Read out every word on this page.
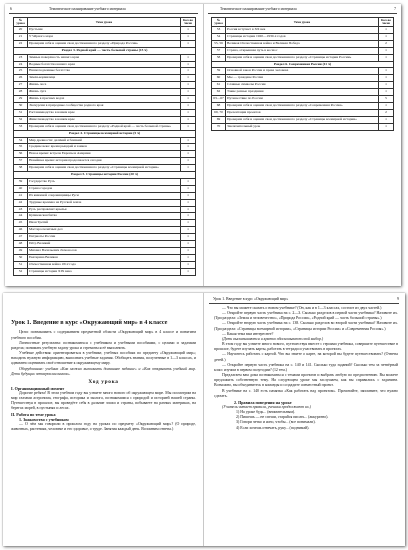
6	Тематическое планирование учебного материала	Тематическое планирование учебного материала	7
№ урока	Тема урока	Кол-во часов
20	Пустыни	1
21	У Чёрного моря	1
22	Проверим себя и оценим свои достижения по разделу «Природа России»	1
Раздел 3. Родной край — часть большой страны (15 ч)		
23	Земные поверхность нашего края	1
24	Водные богатства нашего края	1
25	Наши подземные богатства	1
26	Земля-кормилица	1
27	Жизнь леса	1
28	Жизнь луга	1
29	Жизнь в пресных водах	1
30	Экскурсии в природные сообщества родного края	1
31	Растениеводство в нашем крае	1
32	Животноводство в нашем крае	1
33	Проверим себя и оценим свои достижения по разделу «Родной край — часть большой страны»	1
Раздел 4. Страницы всемирной истории (5 ч)		
34	Мир древности: далёкий и близкий	1
35	Средние века: время рыцарей и замков	1
36	Новое время: встреча Европы и Америки	1
37	Новейшее время: история продолжается сегодня	1
38	Проверим себя и оценим свои достижения по разделу «Страницы всемирной истории»	1
Раздел 5. Страницы истории России (20 ч)		
39	Государство Русь	1
40	Страна городов	1
41	Из книжной сокровищницы Руси	1
42	Трудные времена на Русской земле	1
43	Русь расправляет крылья	1
44	Куликовская битва	1
45	Иван Третий	1
46	Мастера печатных дел	1
47	Патриоты России	1
48	Пётр Великий	1
49	Михаил Васильевич Ломоносов	1
50	Екатерина Великая	1
51	Отечественная война 1812 года	1
52	Страницы истории XIX века	1
№ урока	Тема урока	Кол-во часов
53	Россия вступает в XX век	1
54	Страницы истории 1920—1930-х годов	1
55, 56	Великая Отечественная война и Великая Победа	2
57	Страна, открывшая путь в космос	1
58	Проверим себя и оценим свои достижения по разделу «Страницы истории России»	1
Раздел 6. Современная Россия (11 ч)		
59	Основной закон России и права человека	1
60	Мы — граждане России	1
61	Славные символы России	1
62	Такие разные праздники	1
63—67	Путешествие по России	5
68	Проверим себя и оценим свои достижения по разделу «Современная Россия»	1
69, 70	Презентация проектов	2
69	Проверим себя и оценим свои достижения по разделу «Страницы всемирной истории»	1
70	Заключительный урок	1

Урок 1. Введение в курс «Окружающий мир» в 4 классе

Цели: познакомить с содержанием предметной области «Окружающий мир» в 4 классе и понятием учебного пособия.

Личностные результаты: познакомиться с учебником и учебными пособиями, с целями и задачами раздела; понимать учебную задачу урока и стремиться её выполнить.

Учебные действия: ориентироваться в учебнике, учебных пособиях по предмету «Окружающий мир»; находить нужную информацию, выполнять учебные задания. Обобщать знания, полученные в 1—3 классах, и адекватно оценивать своё отношение к окружающему миру.

Оборудование: учебник «Как можно выполнить домашнее задание» и «Как открывать учебный мир. Дети будущих четвероклассников».

Ход урока

I. Организационный момент

Дорогие ребята! В этом учебном году вы узнаете много нового об окружающем мире. Мы посмотрим на мир глазами астронома, географа, историка и эколога, познакомимся с природой и историей нашей страны. Путешествуя в прошлое, вы проведёте себя в дальние эпохи и страны, побываете на разных материках, на берегах морей, в пустынях и лесах.

II. Работа по теме урока

1. Знакомство с учебником

— О чём мы говорили в прошлом году на уроках по предмету «Окружающий мир»? (О природе, животных, растениях, человеке и его здоровье, о труде. Занятия каждый день. Вспомним ответы.)

Урок 1. Введение в курс «Окружающий мир»	9

— Что вы можете сказать о новом учебнике? (Он, как и в 1—3 классах, состоит из двух частей.)

— Откройте первую часть учебника на с. 2—3. Сколько разделов в первой части учебника? Назовите их. (Три раздела: «Земля и человечество», «Природа России», «Родной край — часть большой страны».)

— Откройте вторую часть учебника на с. 138. Сколько разделов во второй части учебника? Назовите их. (Три раздела: «Страницы всемирной истории», «Страницы истории России» и «Современная Россия».)

— Какая тема вам интереснее?

(Дети высказываются и кратко обосновывают свой выбор.)

В этом году вы узнаете много нового, путешествуя вместе с героями учебника, совершите путешествие в прошлое, будете изучать карты, работать в тетради и участвовать в проектах.

— Научитесь работать с картой. Что вы знаете о карте, на которой вы будете путешествовать? (Ответы детей.)

— Откройте первую часть учебника на с. 140 и 141. Сколько туда заданий? Сколько тем за четвёртый класс изучим в первом полугодии? (12 тем.)

Предлагаем вам дома познакомиться с темами проектов и выбрать любую по предпочтению. Вы можете предложить собственную тему. На следующем уроке мы заслушаем, как вы справились с заданием. Возможно, вы объединитесь в команды и создадите совместный проект.

В учебнике на с. 140 есть памятка «Как работать над проектом». Прочитайте, запомните, что нужно сделать.

2. Правила поведения на уроке

(Учитель читает правила, ученики продолжают их.)

1) На уроке будь... (внимательным).

2) Пишешь — не спеши, старайся писать... (аккуратно).

3) Говори четко и ясно, чтобы... (все понимали).

4) Если хочешь отвечать, руку... (поднимай).
